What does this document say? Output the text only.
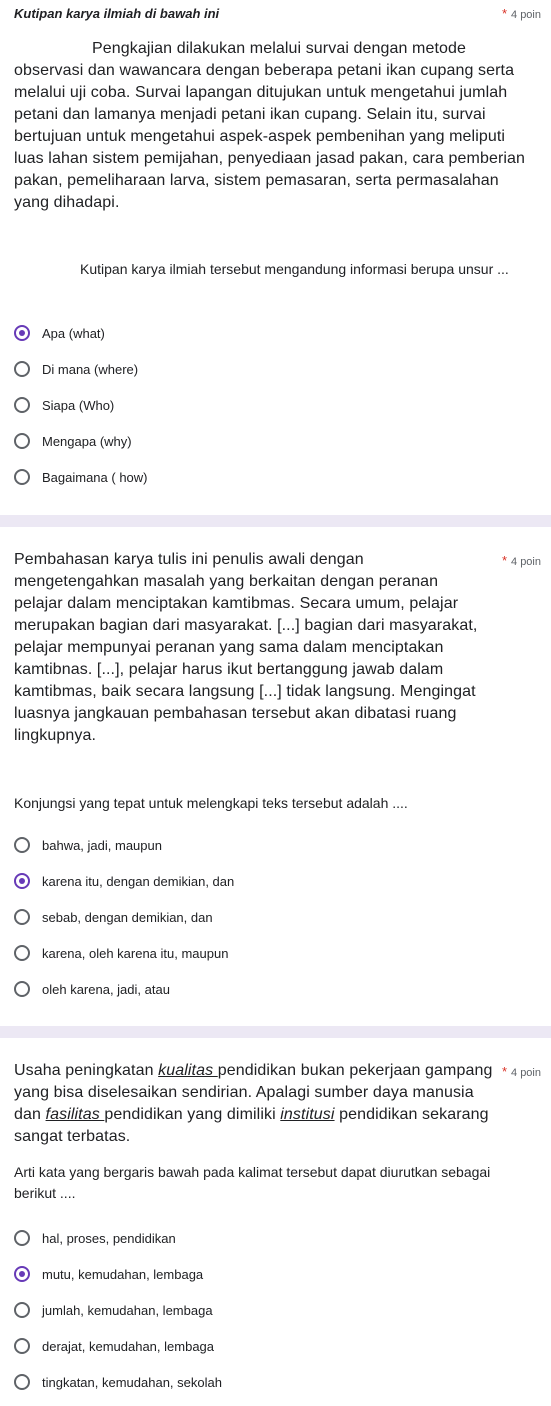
Kutipan karya ilmiah di bawah ini	* 4 poin
Pengkajian dilakukan melalui survai dengan metode observasi dan wawancara dengan beberapa petani ikan cupang serta melalui uji coba. Survai lapangan ditujukan untuk mengetahui jumlah petani dan lamanya menjadi petani ikan cupang. Selain itu, survai bertujuan untuk mengetahui aspek-aspek pembenihan yang meliputi luas lahan sistem pemijahan, penyediaan jasad pakan, cara pemberian pakan, pemeliharaan larva, sistem pemasaran, serta permasalahan yang dihadapi.
Kutipan karya ilmiah tersebut mengandung informasi berupa unsur ...
Apa (what)
Di mana (where)
Siapa (Who)
Mengapa (why)
Bagaimana ( how)
Pembahasan karya tulis ini penulis awali dengan mengetengahkan masalah yang berkaitan dengan peranan pelajar dalam menciptakan kamtibmas. Secara umum, pelajar merupakan bagian dari masyarakat. [...] bagian dari masyarakat, pelajar mempunyai peranan yang sama dalam menciptakan kamtibnas. [...], pelajar harus ikut bertanggung jawab dalam kamtibmas, baik secara langsung [...] tidak langsung. Mengingat luasnya jangkauan pembahasan tersebut akan dibatasi ruang lingkupnya.
* 4 poin
Konjungsi yang tepat untuk melengkapi teks tersebut adalah ....
bahwa, jadi, maupun
karena itu, dengan demikian, dan
sebab, dengan demikian, dan
karena, oleh karena itu, maupun
oleh karena, jadi, atau
Usaha peningkatan kualitas pendidikan bukan pekerjaan gampang yang bisa diselesaikan sendirian. Apalagi sumber daya manusia dan fasilitas pendidikan yang dimiliki institusi pendidikan sekarang sangat terbatas.
* 4 poin
Arti kata yang bergaris bawah pada kalimat tersebut dapat diurutkan sebagai berikut ....
hal, proses, pendidikan
mutu, kemudahan, lembaga
jumlah, kemudahan, lembaga
derajat, kemudahan, lembaga
tingkatan, kemudahan, sekolah
